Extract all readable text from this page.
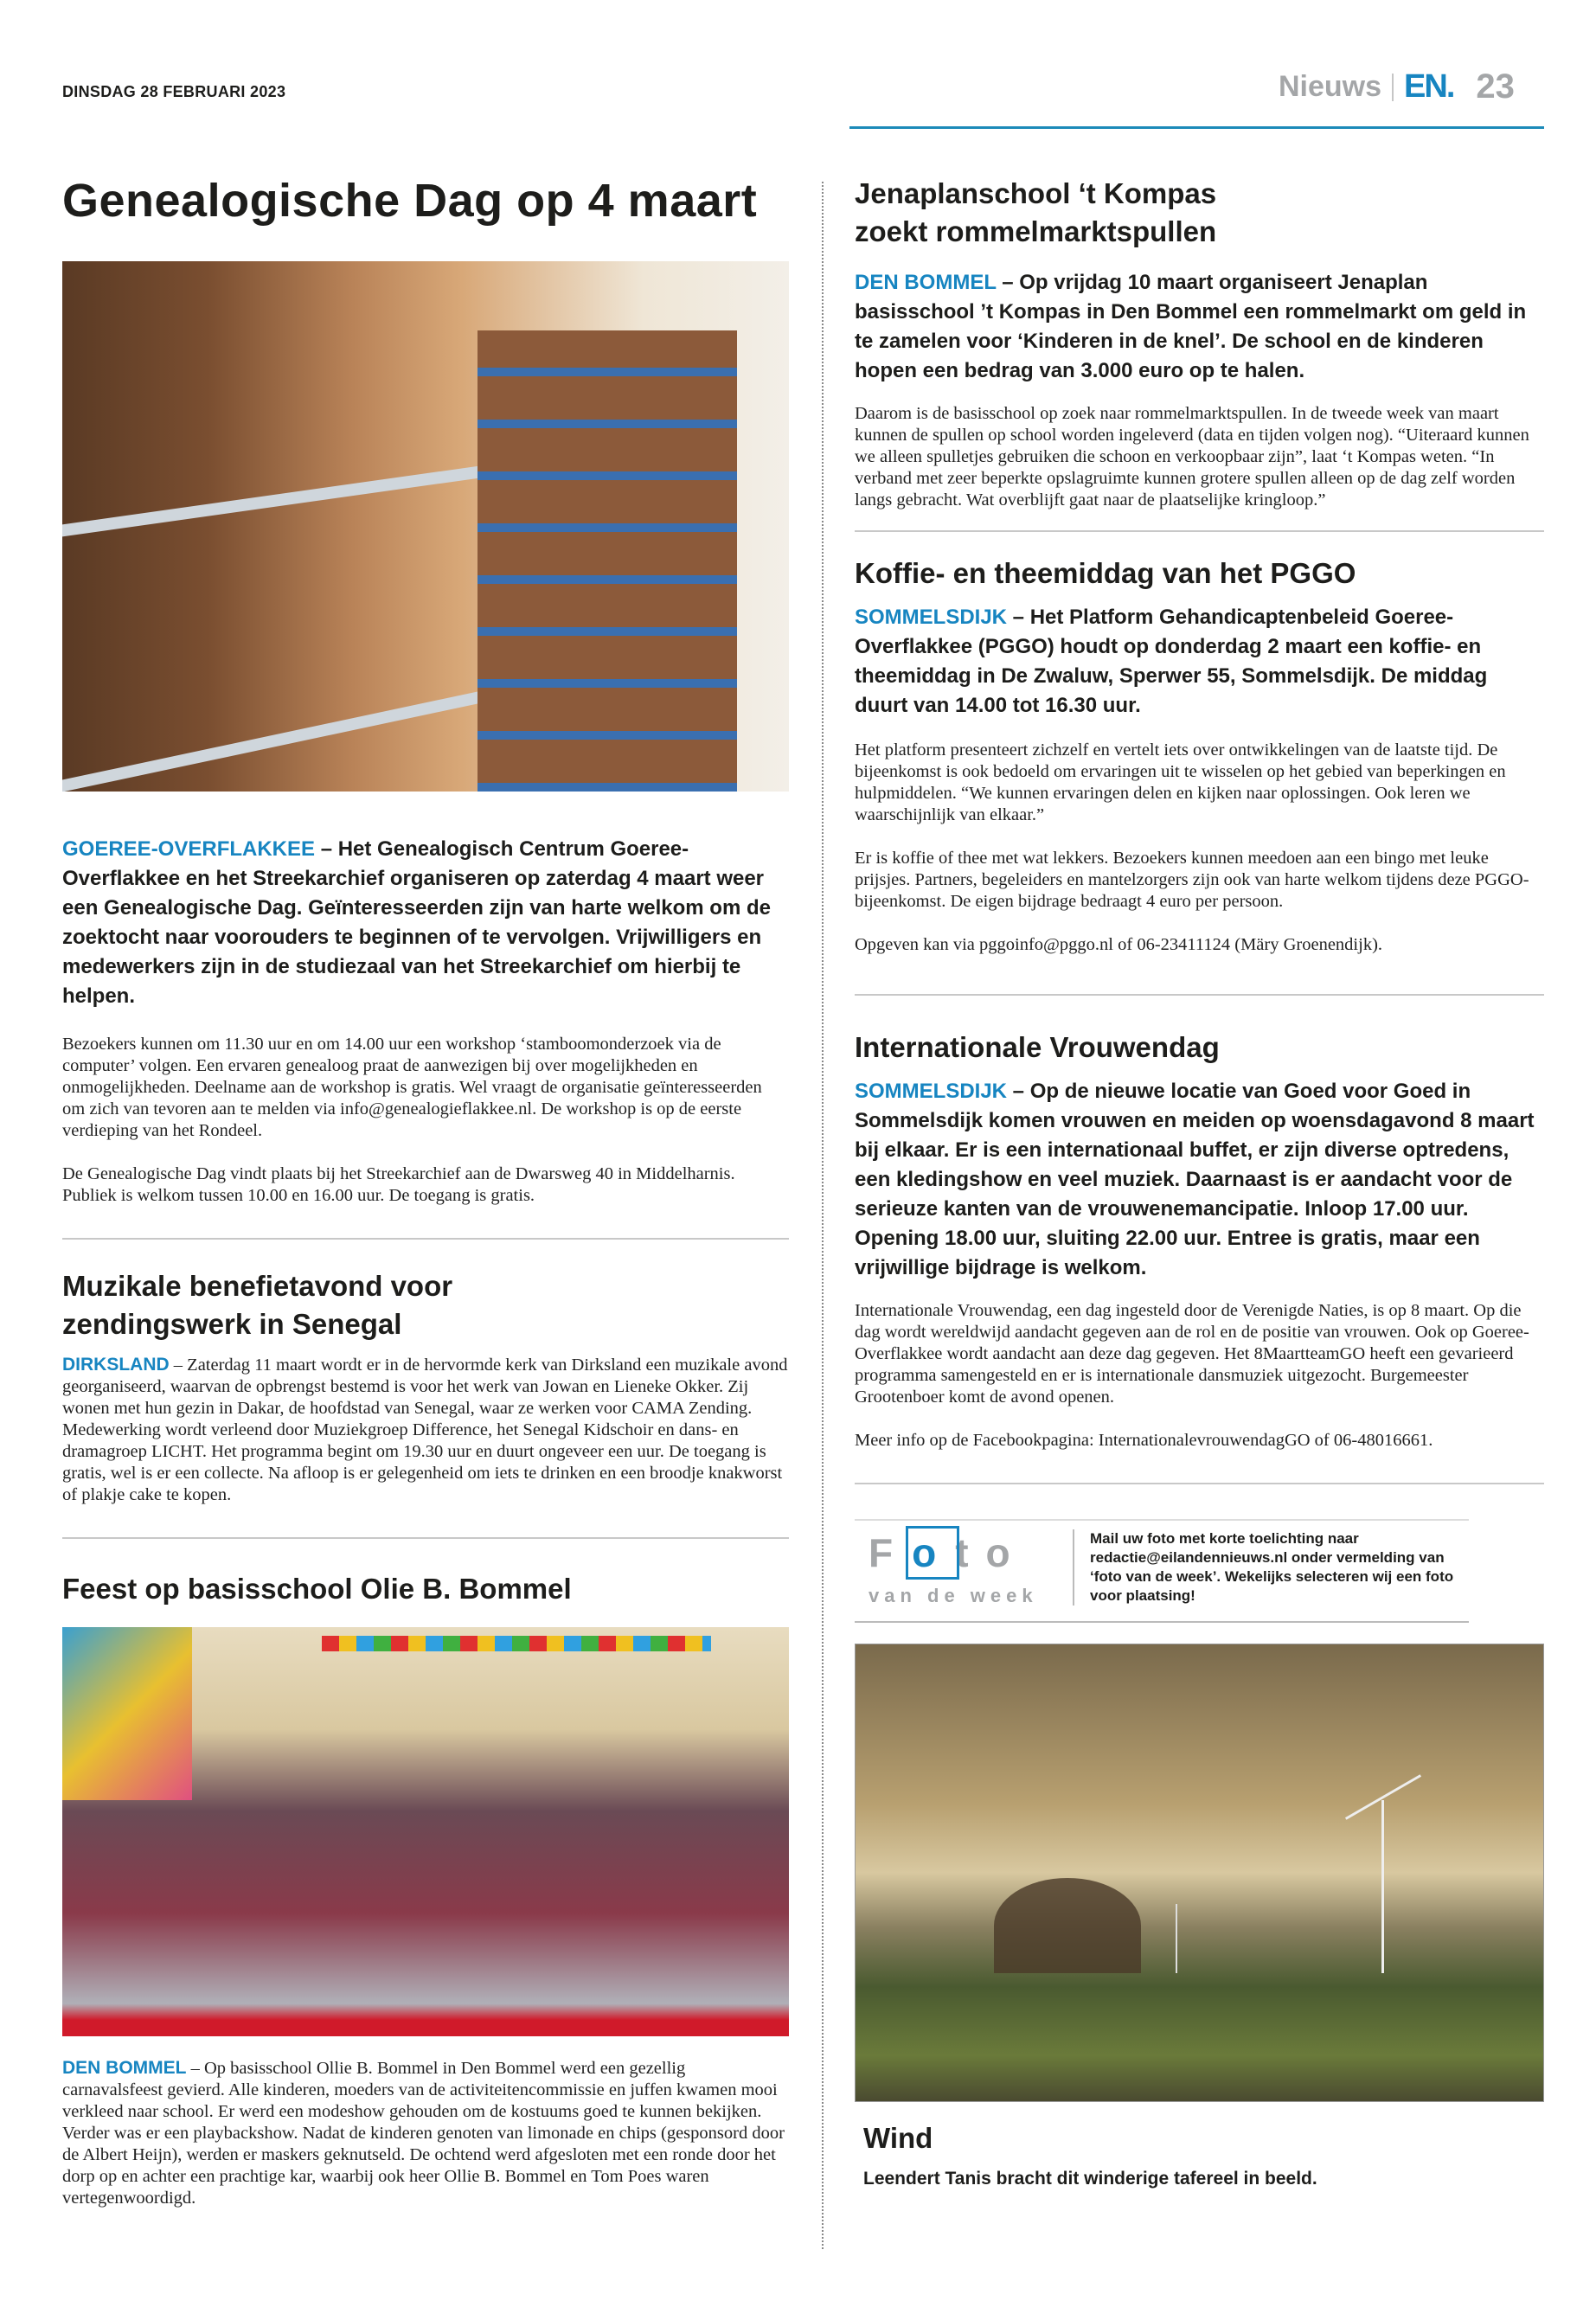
DINSDAG 28 FEBRUARI 2023	Nieuws EN. 23
Genealogische Dag op 4 maart
GOEREE-OVERFLAKKEE – Het Genealogisch Centrum Goeree-Overflakkee en het Streekarchief organiseren op zaterdag 4 maart weer een Genealogische Dag. Geïnteresseerden zijn van harte welkom om de zoektocht naar voorouders te beginnen of te vervolgen. Vrijwilligers en medewerkers zijn in de studiezaal van het Streekarchief om hierbij te helpen.

Bezoekers kunnen om 11.30 uur en om 14.00 uur een workshop ‘stamboomonderzoek via de computer’ volgen. Een ervaren genealoog praat de aanwezigen bij over mogelijkheden en onmogelijkheden. Deelname aan de workshop is gratis. Wel vraagt de organisatie geïnteresseerden om zich van tevoren aan te melden via info@genealogieflakkee.nl. De workshop is op de eerste verdieping van het Rondeel.

De Genealogische Dag vindt plaats bij het Streekarchief aan de Dwarsweg 40 in Middelharnis. Publiek is welkom tussen 10.00 en 16.00 uur. De toegang is gratis.

Muzikale benefietavond voor
zendingswerk in Senegal
DIRKSLAND – Zaterdag 11 maart wordt er in de hervormde kerk van Dirksland een muzikale avond georganiseerd, waarvan de opbrengst bestemd is voor het werk van Jowan en Lieneke Okker. Zij wonen met hun gezin in Dakar, de hoofdstad van Senegal, waar ze werken voor CAMA Zending. Medewerking wordt verleend door Muziekgroep Difference, het Senegal Kidschoir en dans- en dramagroep LICHT. Het programma begint om 19.30 uur en duurt ongeveer een uur. De toegang is gratis, wel is er een collecte. Na afloop is er gelegenheid om iets te drinken en een broodje knakworst of plakje cake te kopen.
Feest op basisschool Olie B. Bommel
DEN BOMMEL – Op basisschool Ollie B. Bommel in Den Bommel werd een gezellig carnavalsfeest gevierd. Alle kinderen, moeders van de activiteitencommissie en juffen kwamen mooi verkleed naar school. Er werd een modeshow gehouden om de kostuums goed te kunnen bekijken. Verder was er een playbackshow. Nadat de kinderen genoten van limonade en chips (gesponsord door de Albert Heijn), werden er maskers geknutseld. De ochtend werd afgesloten met een ronde door het dorp op en achter een prachtige kar, waarbij ook heer Ollie B. Bommel en Tom Poes waren vertegenwoordigd.
Jenaplanschool ‘t Kompas
zoekt rommelmarktspullen
DEN BOMMEL – Op vrijdag 10 maart organiseert Jenaplan basisschool ’t Kompas in Den Bommel een rommelmarkt om geld in te zamelen voor ‘Kinderen in de knel’. De school en de kinderen hopen een bedrag van 3.000 euro op te halen.
Daarom is de basisschool op zoek naar rommelmarktspullen. In de tweede week van maart kunnen de spullen op school worden ingeleverd (data en tijden volgen nog). “Uiteraard kunnen we alleen spulletjes gebruiken die schoon en verkoopbaar zijn”, laat ‘t Kompas weten. “In verband met zeer beperkte opslagruimte kunnen grotere spullen alleen op de dag zelf worden langs gebracht. Wat overblijft gaat naar de plaatselijke kringloop.”
Koffie- en theemiddag van het PGGO
SOMMELSDIJK – Het Platform Gehandicaptenbeleid Goeree-Overflakkee (PGGO) houdt op donderdag 2 maart een koffie- en theemiddag in De Zwaluw, Sperwer 55, Sommelsdijk. De middag duurt van 14.00 tot 16.30 uur.

Het platform presenteert zichzelf en vertelt iets over ontwikkelingen van de laatste tijd. De bijeenkomst is ook bedoeld om ervaringen uit te wisselen op het gebied van beperkingen en hulpmiddelen. “We kunnen ervaringen delen en kijken naar oplossingen. Ook leren we waarschijnlijk van elkaar.”

Er is koffie of thee met wat lekkers. Bezoekers kunnen meedoen aan een bingo met leuke prijsjes. Partners, begeleiders en mantelzorgers zijn ook van harte welkom tijdens deze PGGO-bijeenkomst. De eigen bijdrage bedraagt 4 euro per persoon.

Opgeven kan via pggoinfo@pggo.nl of 06-23411124 (Märy Groenendijk).

Internationale Vrouwendag
SOMMELSDIJK – Op de nieuwe locatie van Goed voor Goed in Sommelsdijk komen vrouwen en meiden op woensdagavond 8 maart bij elkaar. Er is een internationaal buffet, er zijn diverse optredens, een kledingshow en veel muziek. Daarnaast is er aandacht voor de serieuze kanten van de vrouwenemancipatie. Inloop 17.00 uur. Opening 18.00 uur, sluiting 22.00 uur. Entree is gratis, maar een vrijwillige bijdrage is welkom.

Internationale Vrouwendag, een dag ingesteld door de Verenigde Naties, is op 8 maart. Op die dag wordt wereldwijd aandacht gegeven aan de rol en de positie van vrouwen. Ook op Goeree-Overflakkee wordt aandacht aan deze dag gegeven. Het 8MaartteamGO heeft een gevarieerd programma samengesteld en er is internationale dansmuziek uitgezocht. Burgemeester Grootenboer komt de avond openen.

Meer info op de Facebookpagina: InternationalevrouwendagGO of 06-48016661.

Foto
van de week
Mail uw foto met korte toelichting naar redactie@eilandennieuws.nl onder vermelding van ‘foto van de week’. Wekelijks selecteren wij een foto voor plaatsing!
Wind
Leendert Tanis bracht dit winderige tafereel in beeld.
